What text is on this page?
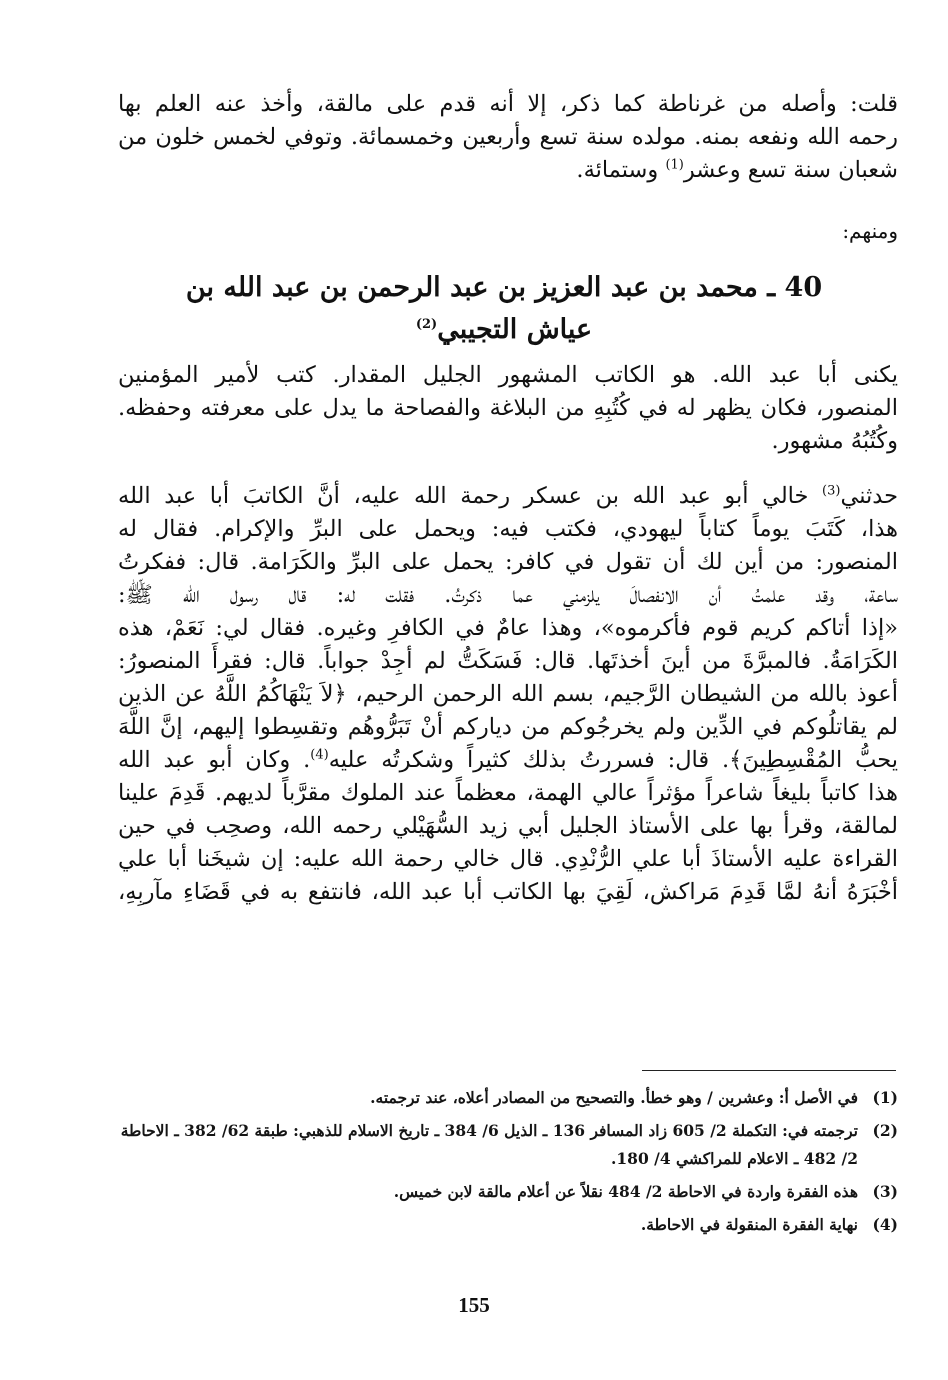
قلت: وأصله من غرناطة كما ذكر، إلا أنه قدم على مالقة، وأخذ عنه العلم بها
رحمه الله ونفعه بمنه. مولده سنة تسع وأربعين وخمسمائة. وتوفي لخمس خلون من
شعبان سنة تسع وعشر$^{(1)}$ وستمائة.
ومنهم:
40 ـ محمد بن عبد العزيز بن عبد الرحمن بن عبد الله بن
عياش التجيبي$^{(2)}$
يكنى أبا عبد الله. هو الكاتب المشهور الجليل المقدار. كتب لأمير المؤمنين
المنصور، فكان يظهر له في كُتُبِهِ من البلاغة والفصاحة ما يدل على معرفته وحفظه.
وكُتُبُهُ مشهور.
حدثني$^{(3)}$ خالي أبو عبد الله بن عسكر رحمة الله عليه، أنَّ الكاتبَ أبا عبد الله
هذا، كَتَبَ يوماً كتاباً ليهودي، فكتب فيه: ويحمل على البرِّ والإكرام. فقال له
المنصور: من أين لك أن تقول في كافر: يحمل على البرِّ والكَرَامة. قال: ففكرتُ
ساعة، وقد علمتُ أن الانفصالَ يلزمني عما ذكرتُ. فقلت له: قال رسول الله ﷺ:
«إذا أتاكم كريم قوم فأكرموه»، وهذا عامٌ في الكافرِ وغيره. فقال لي: نَعَمْ، هذه
الكَرَامَةُ. فالمبرَّةَ من أينَ أخذتَها. قال: فَسَكَتُّ لم أجِدْ جواباً. قال: فقرأَ المنصورُ:
أعوذ بالله من الشيطان الرَّجيم، بسم الله الرحمن الرحيم، ﴿لاَ يَنْهَاكُمُ اللَّهُ عن الذين
لم يقاتلُوكم في الدِّين ولم يخرجُوكم من دياركم أنْ تَبَرُّوهُم وتقسِطوا إليهم، إنَّ اللَّهَ
يحبُّ المُقْسِطِينَ﴾. قال: فسررتُ بذلك كثيراً وشكرتُه عليه$^{(4)}$. وكان أبو عبد الله
هذا كاتباً بليغاً شاعراً مؤثراً عالي الهمة، معظماً عند الملوك مقرَّباً لديهم. قَدِمَ علينا
لمالقة، وقرأ بها على الأستاذ الجليل أبي زيد السُّهَيْلي رحمه الله، وصحِب في حين
القراءة عليه الأستاذَ أبا علي الرُّنْدِي. قال خالي رحمة الله عليه: إن شيخَنا أبا علي
أخْبَرَهُ أنهُ لمَّا قَدِمَ مَراكش، لَقِيَ بها الكاتب أبا عبد الله، فانتفع به في قَضَاءِ مآربِهِ،
(1)
في الأصل أ: وعشرين / وهو خطأ. والتصحيح من المصادر أعلاه، عند ترجمته.
(2)
ترجمته في: التكملة 2/ 605 زاد المسافر 136 ـ الذيل 6/ 384 ـ تاريخ الاسلام للذهبي: طبقة 62/ 382 ـ الاحاطة 2/ 482 ـ الاعلام للمراكشي 4/ 180.
(3)
هذه الفقرة واردة في الاحاطة 2/ 484 نقلاً عن أعلام مالقة لابن خميس.
(4)
نهاية الفقرة المنقولة في الاحاطة.
155
